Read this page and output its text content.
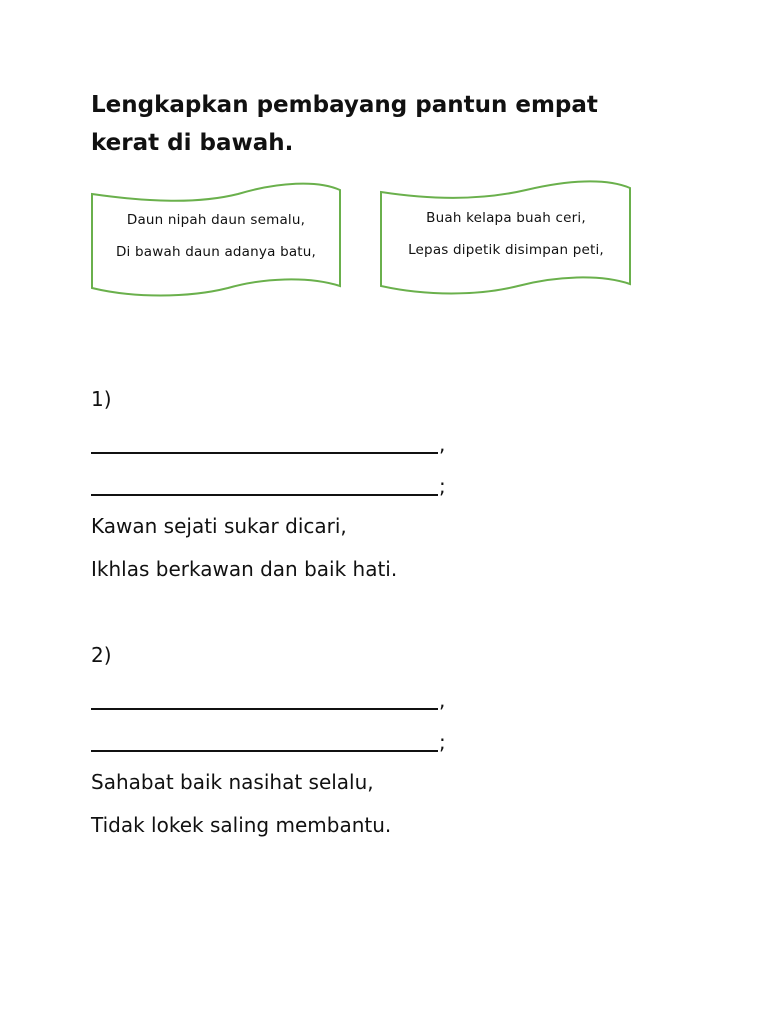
Lengkapkan pembayang pantun empat kerat di bawah.
Daun nipah daun semalu,
Di bawah daun adanya batu,
Buah kelapa buah ceri,
Lepas dipetik disimpan peti,
1)
,
;
Kawan sejati sukar dicari,
Ikhlas berkawan dan baik hati.
2)
,
;
Sahabat baik nasihat selalu,
Tidak lokek saling membantu.
